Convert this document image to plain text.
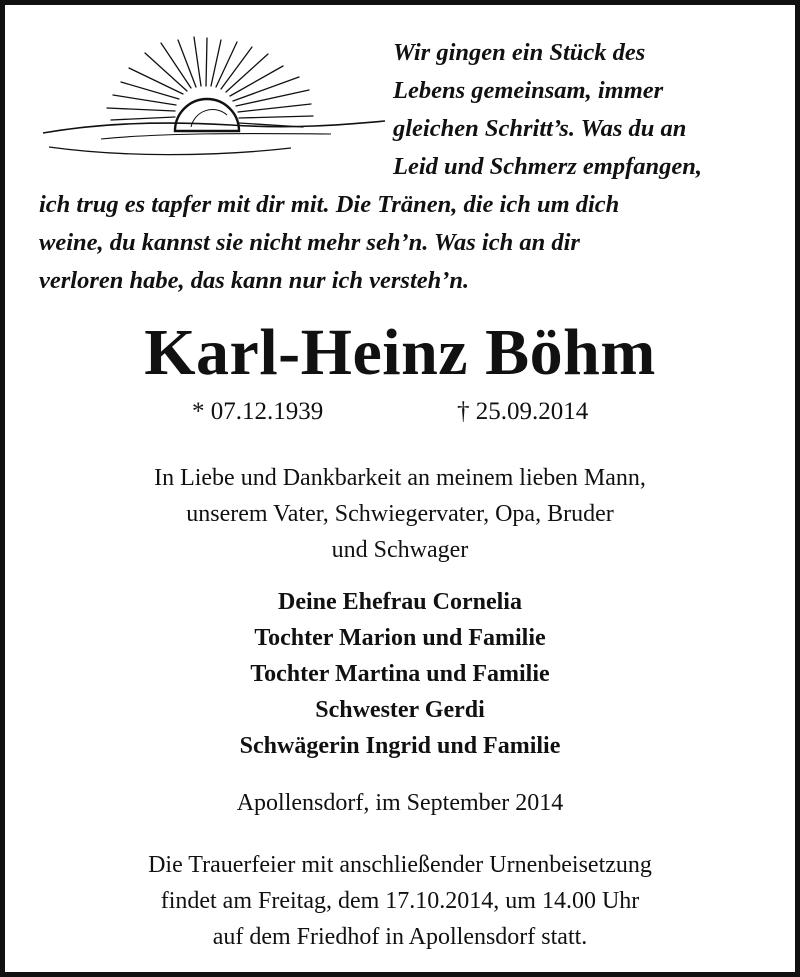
Wir gingen ein Stück des
Lebens gemeinsam, immer
gleichen Schritt’s. Was du an
Leid und Schmerz empfangen,

ich trug es tapfer mit dir mit. Die Tränen, die ich um dich
weine, du kannst sie nicht mehr seh’n. Was ich an dir
verloren habe, das kann nur ich versteh’n.

Karl-Heinz Böhm
* 07.12.1939	† 25.09.2014

In Liebe und Dankbarkeit an meinem lieben Mann,
unserem Vater, Schwiegervater, Opa, Bruder
und Schwager

Deine Ehefrau Cornelia
Tochter Marion und Familie
Tochter Martina und Familie
Schwester Gerdi
Schwägerin Ingrid und Familie

Apollensdorf, im September 2014

Die Trauerfeier mit anschließender Urnenbeisetzung
findet am Freitag, dem 17.10.2014, um 14.00 Uhr
auf dem Friedhof in Apollensdorf statt.
